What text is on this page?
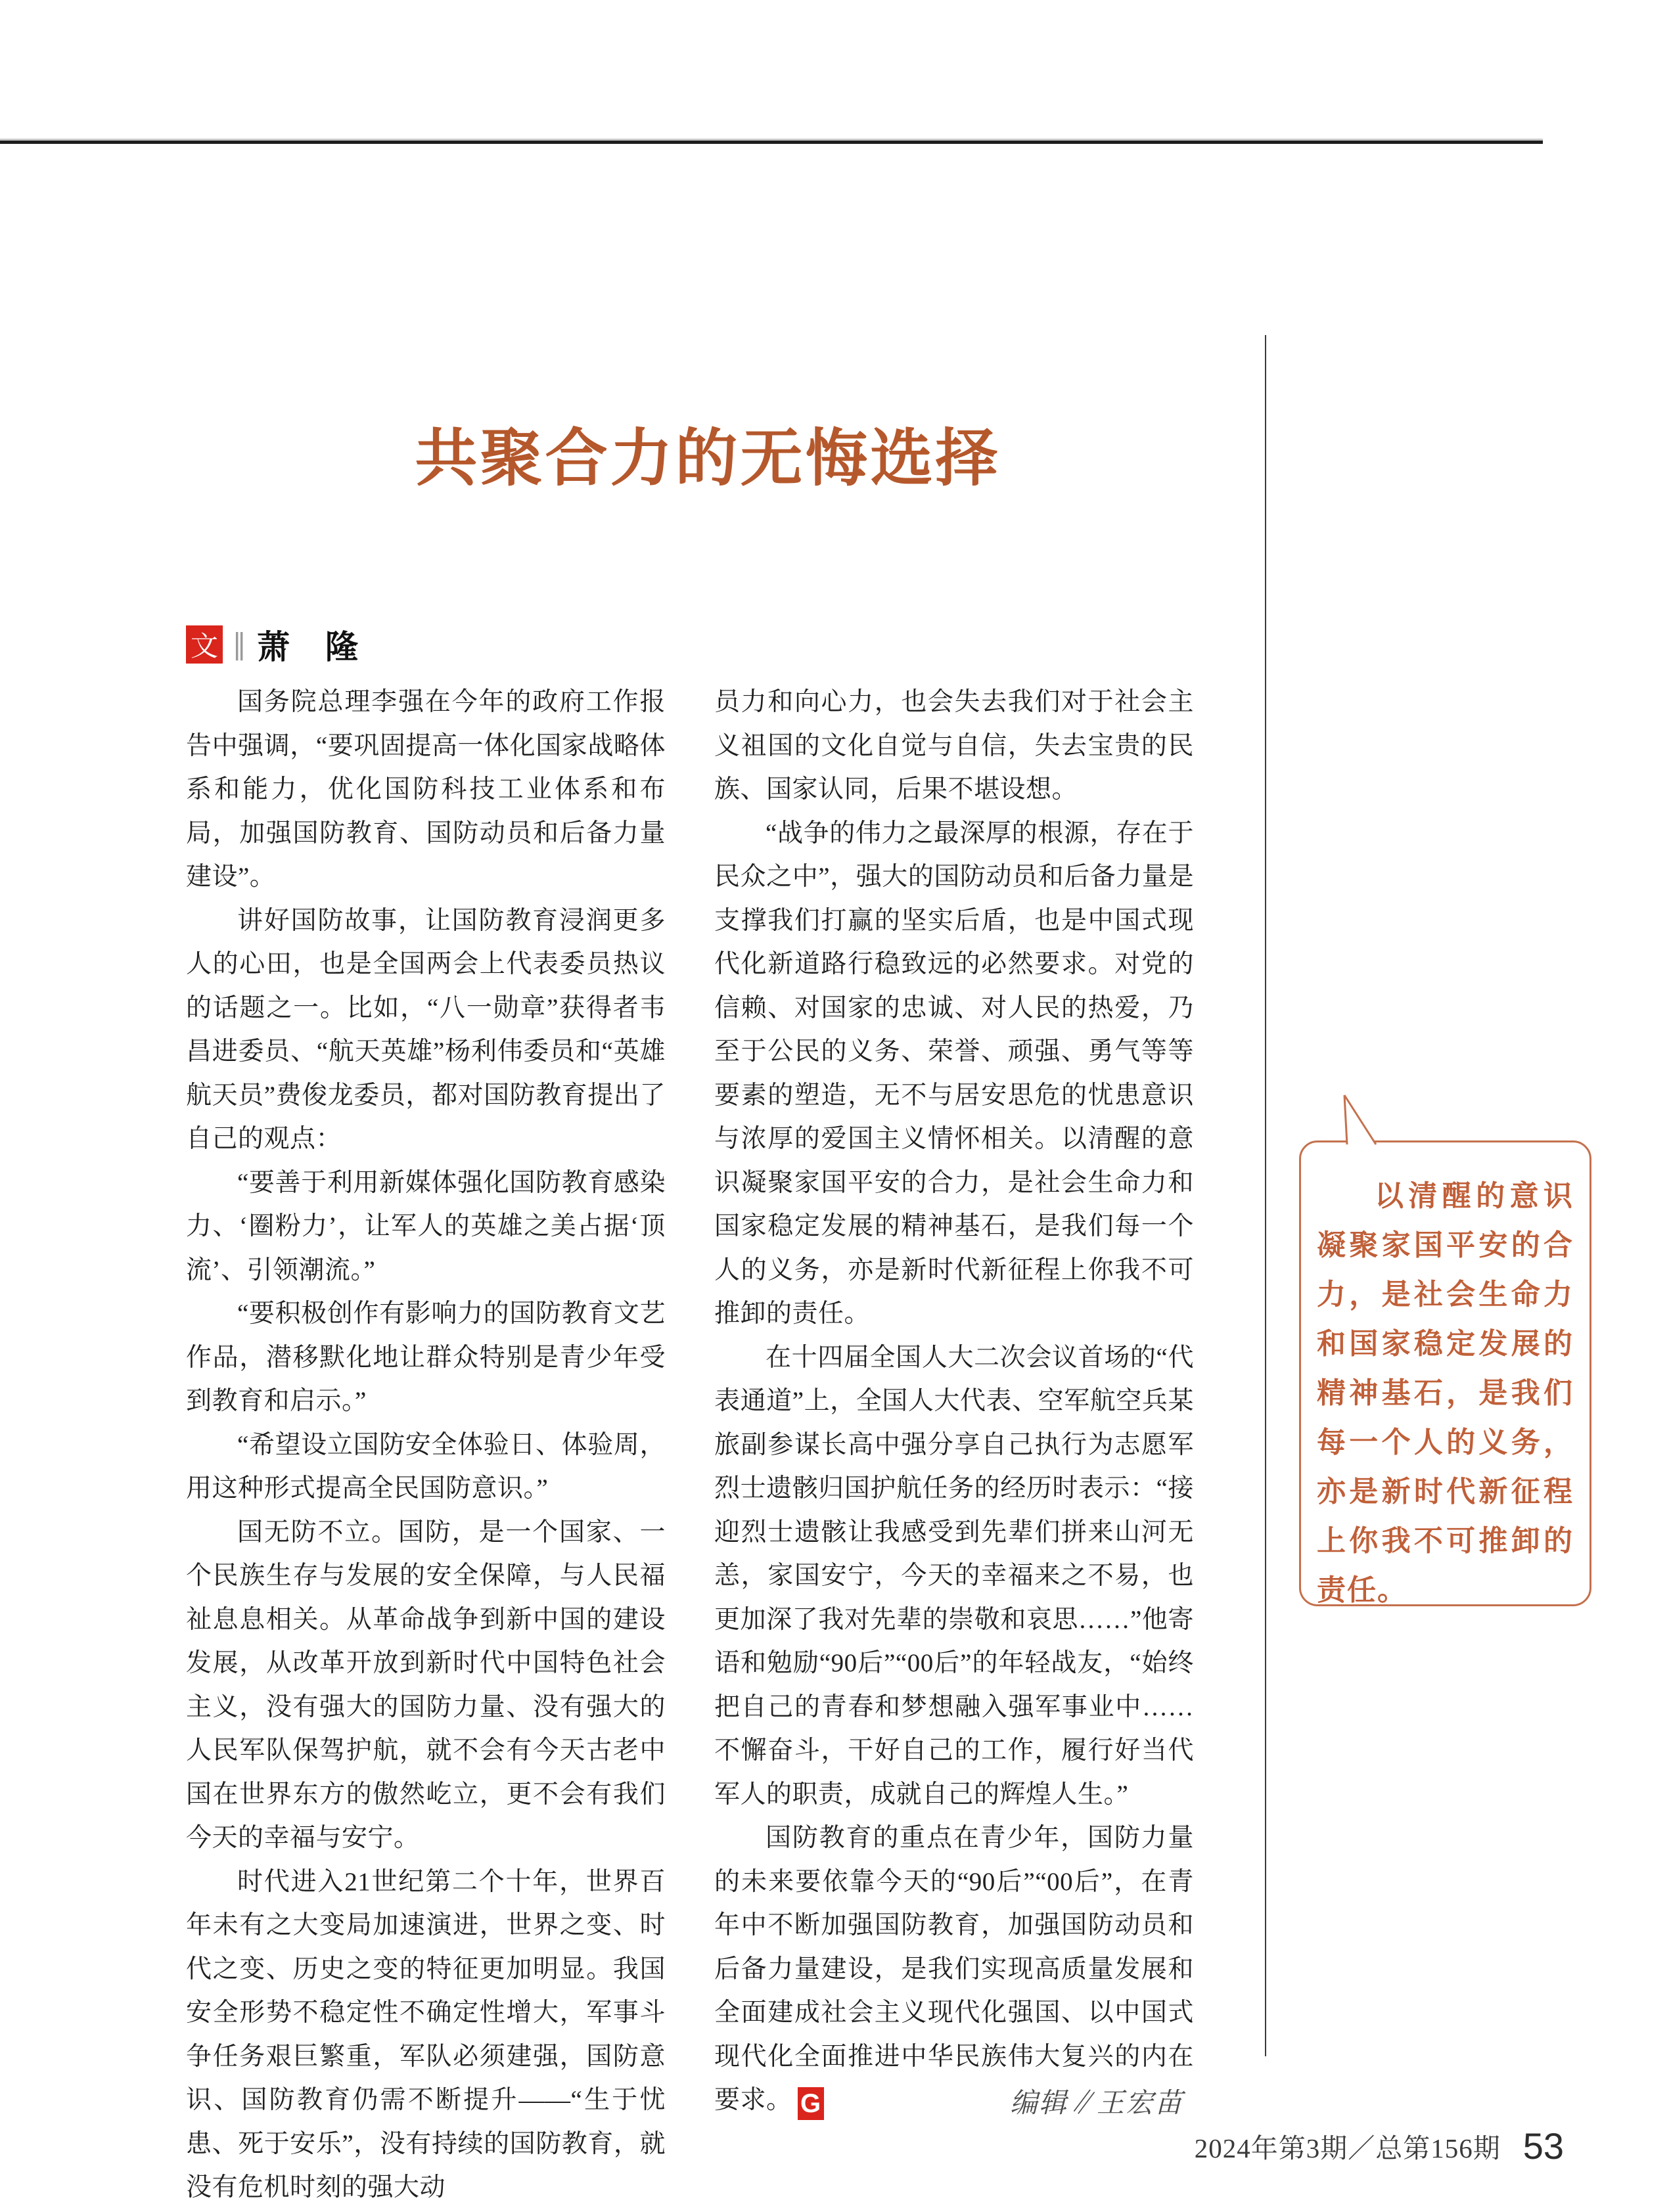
共聚合力的无悔选择
文 ∥ 萧　隆

国务院总理李强在今年的政府工作报告中强调，“要巩固提高一体化国家战略体系和能力，优化国防科技工业体系和布局，加强国防教育、国防动员和后备力量建设”。

讲好国防故事，让国防教育浸润更多人的心田，也是全国两会上代表委员热议的话题之一。比如，“八一勋章”获得者韦昌进委员、“航天英雄”杨利伟委员和“英雄航天员”费俊龙委员，都对国防教育提出了自己的观点：

“要善于利用新媒体强化国防教育感染力、‘圈粉力’，让军人的英雄之美占据‘顶流’、引领潮流。”

“要积极创作有影响力的国防教育文艺作品，潜移默化地让群众特别是青少年受到教育和启示。”

“希望设立国防安全体验日、体验周，用这种形式提高全民国防意识。”

国无防不立。国防，是一个国家、一个民族生存与发展的安全保障，与人民福祉息息相关。从革命战争到新中国的建设发展，从改革开放到新时代中国特色社会主义，没有强大的国防力量、没有强大的人民军队保驾护航，就不会有今天古老中国在世界东方的傲然屹立，更不会有我们今天的幸福与安宁。

时代进入21世纪第二个十年，世界百年未有之大变局加速演进，世界之变、时代之变、历史之变的特征更加明显。我国安全形势不稳定性不确定性增大，军事斗争任务艰巨繁重，军队必须建强，国防意识、国防教育仍需不断提升——“生于忧患、死于安乐”，没有持续的国防教育，就没有危机时刻的强大动

员力和向心力，也会失去我们对于社会主义祖国的文化自觉与自信，失去宝贵的民族、国家认同，后果不堪设想。

“战争的伟力之最深厚的根源，存在于民众之中”，强大的国防动员和后备力量是支撑我们打赢的坚实后盾，也是中国式现代化新道路行稳致远的必然要求。对党的信赖、对国家的忠诚、对人民的热爱，乃至于公民的义务、荣誉、顽强、勇气等等要素的塑造，无不与居安思危的忧患意识与浓厚的爱国主义情怀相关。以清醒的意识凝聚家国平安的合力，是社会生命力和国家稳定发展的精神基石，是我们每一个人的义务，亦是新时代新征程上你我不可推卸的责任。

在十四届全国人大二次会议首场的“代表通道”上，全国人大代表、空军航空兵某旅副参谋长高中强分享自己执行为志愿军烈士遗骸归国护航任务的经历时表示：“接迎烈士遗骸让我感受到先辈们拼来山河无恙，家国安宁，今天的幸福来之不易，也更加深了我对先辈的崇敬和哀思……”他寄语和勉励“90后”“00后”的年轻战友，“始终把自己的青春和梦想融入强军事业中……不懈奋斗，干好自己的工作，履行好当代军人的职责，成就自己的辉煌人生。”

国防教育的重点在青少年，国防力量的未来要依靠今天的“90后”“00后”，在青年中不断加强国防教育，加强国防动员和后备力量建设，是我们实现高质量发展和全面建成社会主义现代化强国、以中国式现代化全面推进中华民族伟大复兴的内在要求。 G

以清醒的意识凝聚家国平安的合力，是社会生命力和国家稳定发展的精神基石，是我们每一个人的义务，亦是新时代新征程上你我不可推卸的责任。

编辑∥王宏苗
2024年第3期／总第156期 53
